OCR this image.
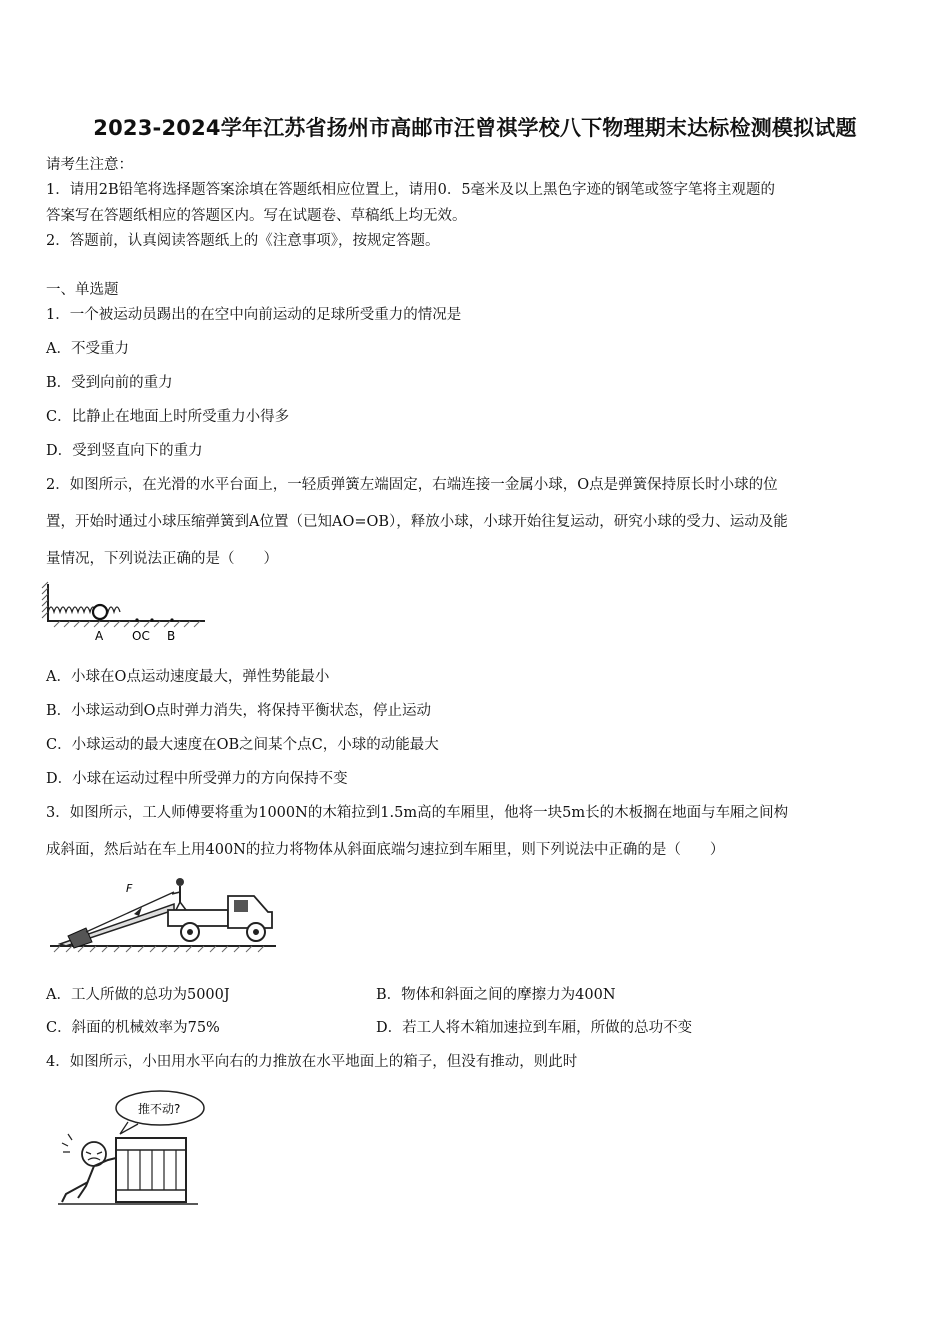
2023-2024学年江苏省扬州市高邮市汪曾祺学校八下物理期末达标检测模拟试题
请考生注意：
1．请用2B铅笔将选择题答案涂填在答题纸相应位置上，请用0．5毫米及以上黑色字迹的钢笔或签字笔将主观题的
答案写在答题纸相应的答题区内。写在试题卷、草稿纸上均无效。
2．答题前，认真阅读答题纸上的《注意事项》，按规定答题。
一、单选题
1．一个被运动员踢出的在空中向前运动的足球所受重力的情况是
A．不受重力
B．受到向前的重力
C．比静止在地面上时所受重力小得多
D．受到竖直向下的重力
2．如图所示，在光滑的水平台面上，一轻质弹簧左端固定，右端连接一金属小球，O点是弹簧保持原长时小球的位
置，开始时通过小球压缩弹簧到A位置（已知AO=OB），释放小球，小球开始往复运动，研究小球的受力、运动及能
量情况，下列说法正确的是（　　）
A OC B
A．小球在O点运动速度最大，弹性势能最小
B．小球运动到O点时弹力消失，将保持平衡状态，停止运动
C．小球运动的最大速度在OB之间某个点C，小球的动能最大
D．小球在运动过程中所受弹力的方向保持不变
3．如图所示，工人师傅要将重为1000N的木箱拉到1.5m高的车厢里，他将一块5m长的木板搁在地面与车厢之间构
成斜面，然后站在车上用400N的拉力将物体从斜面底端匀速拉到车厢里，则下列说法中正确的是（　　）
F
A．工人所做的总功为5000J	B．物体和斜面之间的摩擦力为400N
C．斜面的机械效率为75%	D．若工人将木箱加速拉到车厢，所做的总功不变
4．如图所示，小田用水平向右的力推放在水平地面上的箱子，但没有推动，则此时
推不动?
